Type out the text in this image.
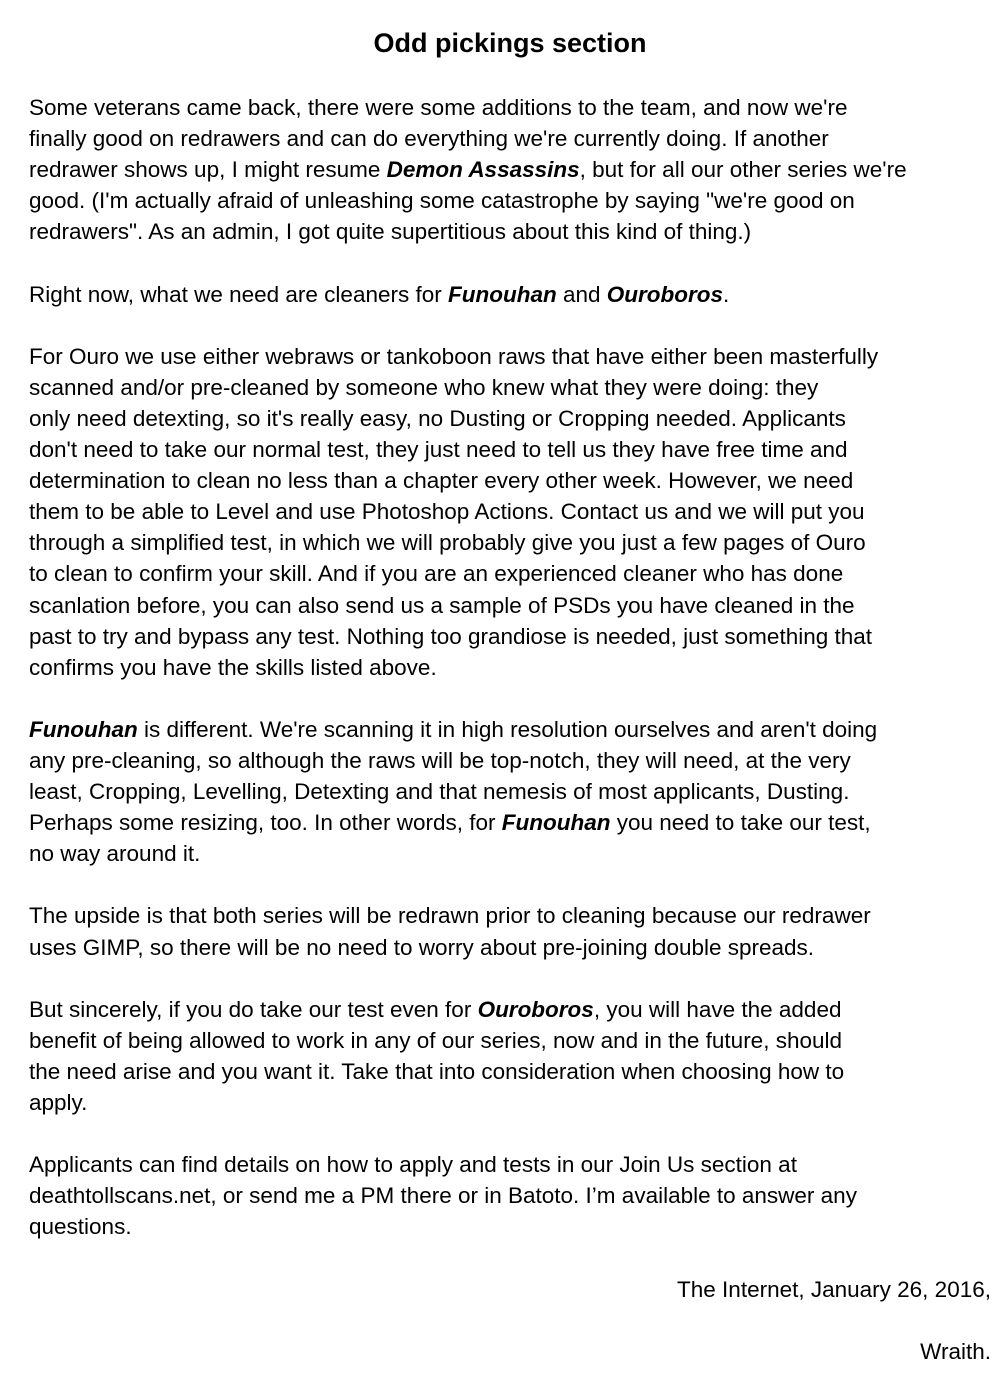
Odd pickings section

Some veterans came back, there were some additions to the team, and now we're
finally good on redrawers and can do everything we're currently doing. If another
redrawer shows up, I might resume Demon Assassins, but for all our other series we're
good. (I'm actually afraid of unleashing some catastrophe by saying "we're good on
redrawers". As an admin, I got quite supertitious about this kind of thing.)

Right now, what we need are cleaners for Funouhan and Ouroboros.

For Ouro we use either webraws or tankoboon raws that have either been masterfully
scanned and/or pre-cleaned by someone who knew what they were doing: they
only need detexting, so it's really easy, no Dusting or Cropping needed. Applicants
don't need to take our normal test, they just need to tell us they have free time and
determination to clean no less than a chapter every other week. However, we need
them to be able to Level and use Photoshop Actions. Contact us and we will put you
through a simplified test, in which we will probably give you just a few pages of Ouro
to clean to confirm your skill. And if you are an experienced cleaner who has done
scanlation before, you can also send us a sample of PSDs you have cleaned in the
past to try and bypass any test. Nothing too grandiose is needed, just something that
confirms you have the skills listed above.

Funouhan is different. We're scanning it in high resolution ourselves and aren't doing
any pre-cleaning, so although the raws will be top-notch, they will need, at the very
least, Cropping, Levelling, Detexting and that nemesis of most applicants, Dusting.
Perhaps some resizing, too. In other words, for Funouhan you need to take our test,
no way around it.

The upside is that both series will be redrawn prior to cleaning because our redrawer
uses GIMP, so there will be no need to worry about pre-joining double spreads.

But sincerely, if you do take our test even for Ouroboros, you will have the added
benefit of being allowed to work in any of our series, now and in the future, should
the need arise and you want it. Take that into consideration when choosing how to
apply.

Applicants can find details on how to apply and tests in our Join Us section at
deathtollscans.net, or send me a PM there or in Batoto. I’m available to answer any
questions.

The Internet, January 26, 2016,

Wraith.
